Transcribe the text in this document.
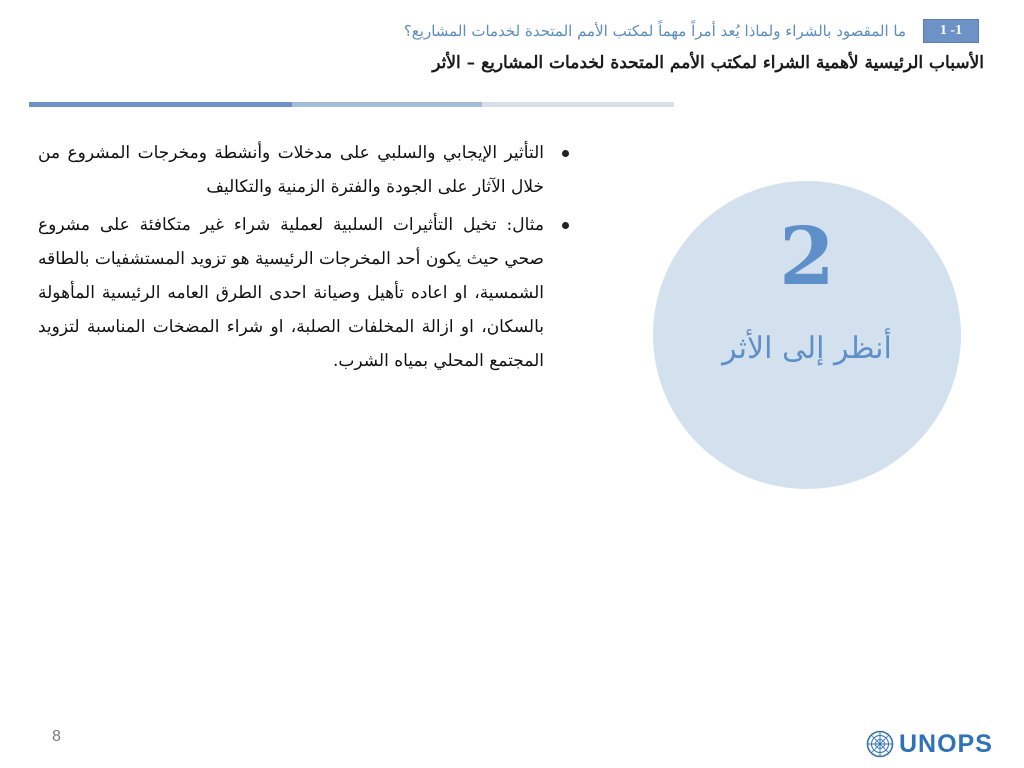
1 -1
ما المقصود بالشراء ولماذا يُعد أمراً مهماً لمكتب الأمم المتحدة لخدمات المشاريع؟
الأسباب الرئيسية لأهمية الشراء لمكتب الأمم المتحدة لخدمات المشاريع – الأثر
التأثير الإيجابي والسلبي على مدخلات وأنشطة ومخرجات المشروع من خلال الآثار على الجودة والفترة الزمنية والتكاليف
مثال: تخيل التأثيرات السلبية لعملية شراء غير متكافئة على مشروع صحي حيث يكون أحد المخرجات الرئيسية هو تزويد المستشفيات بالطاقه الشمسية، او اعاده تأهيل وصيانة احدى الطرق العامه الرئيسية المأهولة بالسكان، او ازالة المخلفات الصلبة، او شراء المضخات المناسبة لتزويد المجتمع المحلي بمياه الشرب.
2
أنظر إلى الأثر
8	UNOPS
